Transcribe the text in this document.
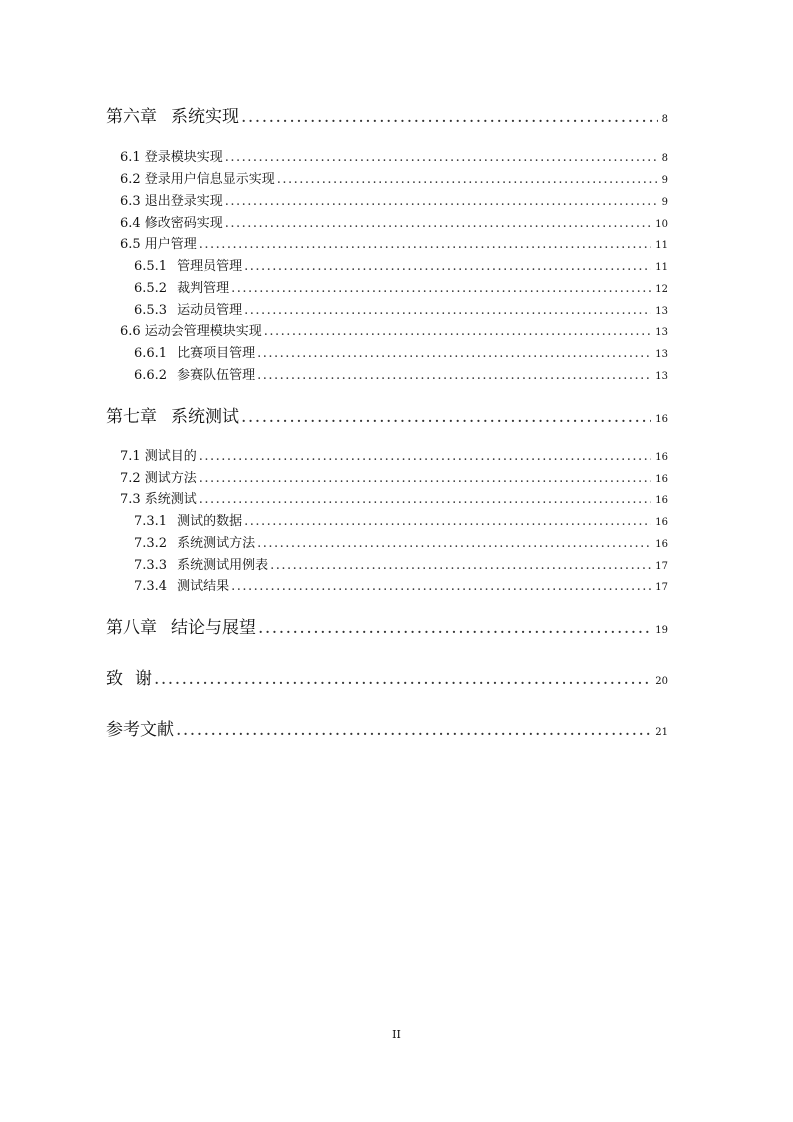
第六章 系统实现 .....	8
6.1 登录模块实现 .....	8
6.2 登录用户信息显示实现 .....	9
6.3 退出登录实现 .....	9
6.4 修改密码实现 .....	10
6.5 用户管理 .....	11
6.5.1 管理员管理 .....	11
6.5.2 裁判管理 .....	12
6.5.3 运动员管理 .....	13
6.6 运动会管理模块实现 .....	13
6.6.1 比赛项目管理 .....	13
6.6.2 参赛队伍管理 .....	13
第七章 系统测试 .....	16
7.1 测试目的 .....	16
7.2 测试方法 .....	16
7.3 系统测试 .....	16
7.3.1 测试的数据 .....	16
7.3.2 系统测试方法 .....	16
7.3.3 系统测试用例表 .....	17
7.3.4 测试结果 .....	17
第八章 结论与展望 .....	19
致 谢 .....	20
参考文献 .....	21
II
